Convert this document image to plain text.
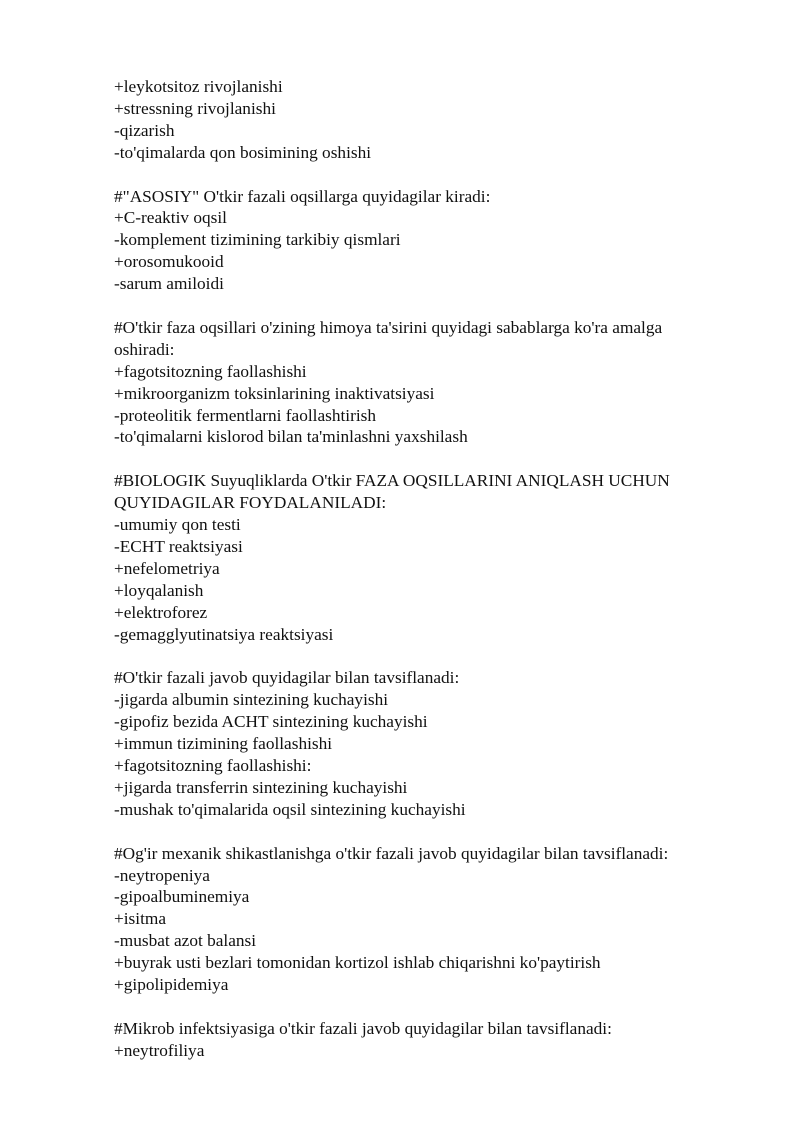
+leykotsitoz rivojlanishi
+stressning rivojlanishi
-qizarish
-to'qimalarda qon bosimining oshishi
#"ASOSIY" O'tkir fazali oqsillarga quyidagilar kiradi:
+C-reaktiv oqsil
-komplement tizimining tarkibiy qismlari
+orosomukooid
-sarum amiloidi
#O'tkir faza oqsillari o'zining himoya ta'sirini quyidagi sabablarga ko'ra amalga
oshiradi:
+fagotsitozning faollashishi
+mikroorganizm toksinlarining inaktivatsiyasi
-proteolitik fermentlarni faollashtirish
-to'qimalarni kislorod bilan ta'minlashni yaxshilash
#BIOLOGIK Suyuqliklarda O'tkir FAZA OQSILLARINI ANIQLASH UCHUN
QUYIDAGILAR FOYDALANILADI:
-umumiy qon testi
-ECHT reaktsiyasi
+nefelometriya
+loyqalanish
+elektroforez
-gemagglyutinatsiya reaktsiyasi
#O'tkir fazali javob quyidagilar bilan tavsiflanadi:
-jigarda albumin sintezining kuchayishi
-gipofiz bezida ACHT sintezining kuchayishi
+immun tizimining faollashishi
+fagotsitozning faollashishi:
+jigarda transferrin sintezining kuchayishi
-mushak to'qimalarida oqsil sintezining kuchayishi
#Og'ir mexanik shikastlanishga o'tkir fazali javob quyidagilar bilan tavsiflanadi:
-neytropeniya
-gipoalbuminemiya
+isitma
-musbat azot balansi
+buyrak usti bezlari tomonidan kortizol ishlab chiqarishni ko'paytirish
+gipolipidemiya
#Mikrob infektsiyasiga o'tkir fazali javob quyidagilar bilan tavsiflanadi:
+neytrofiliya
